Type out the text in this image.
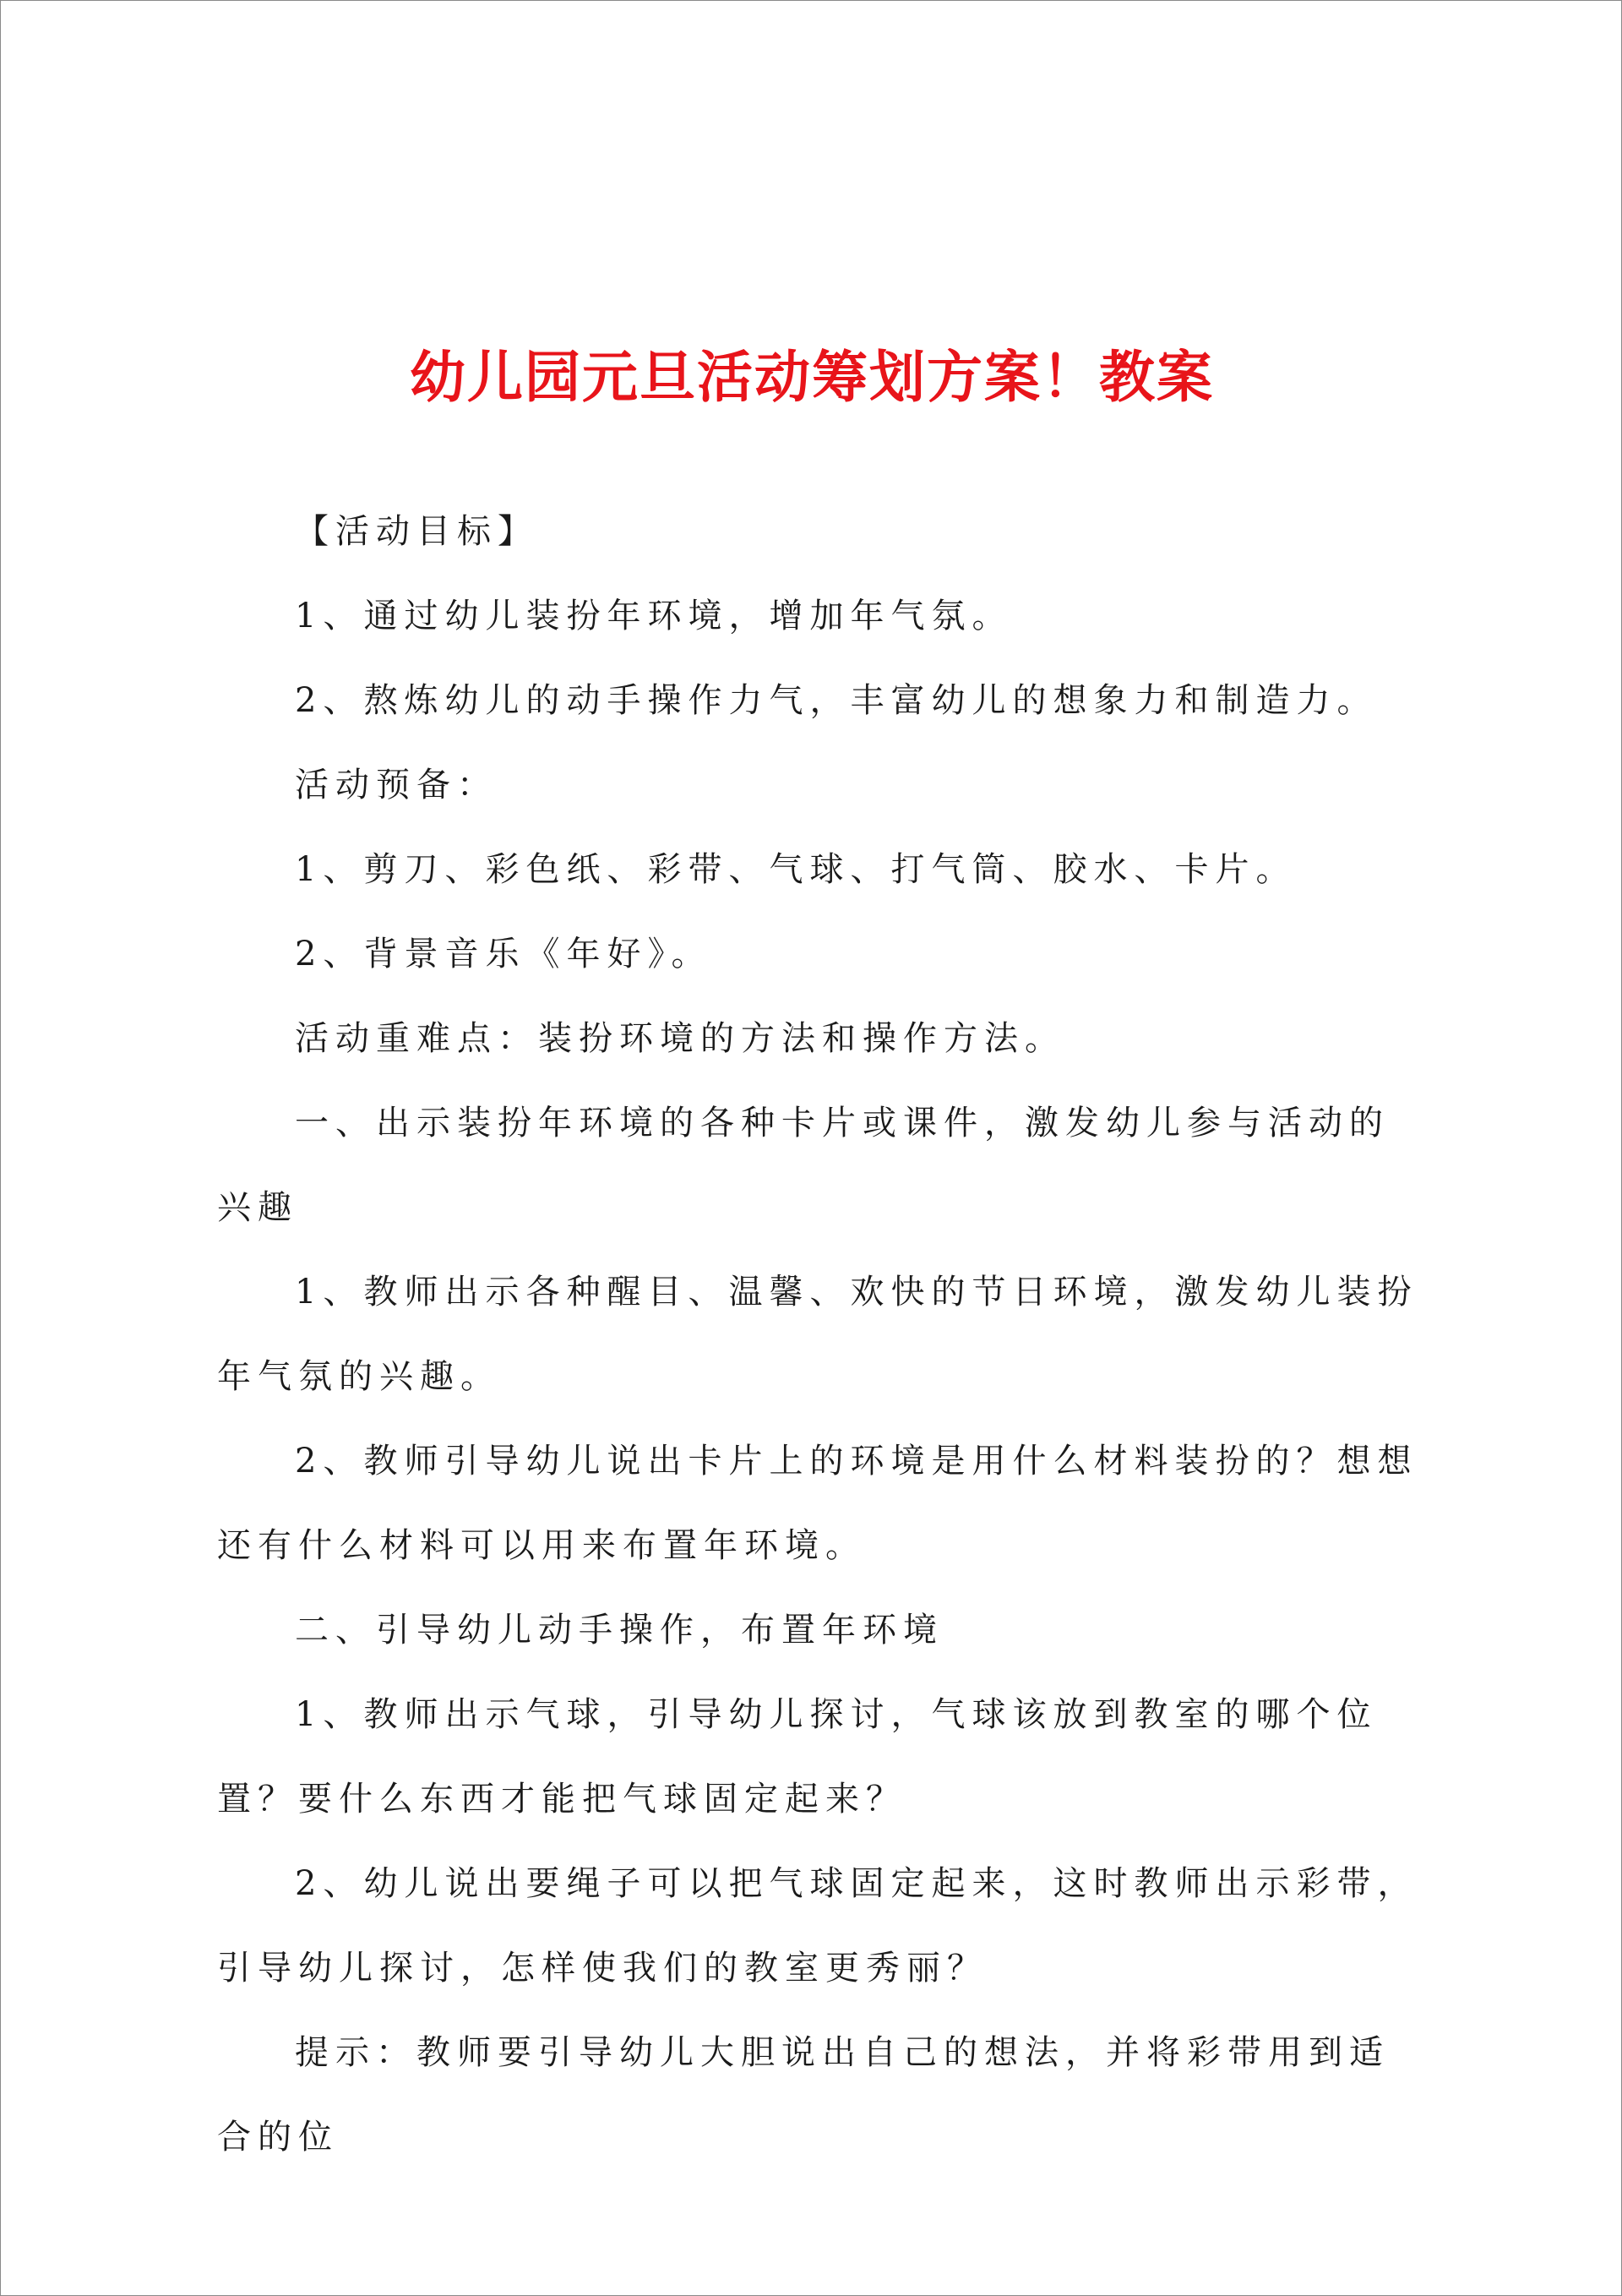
幼儿园元旦活动筹划方案！教案

【活动目标】

1、通过幼儿装扮年环境，增加年气氛。

2、熬炼幼儿的动手操作力气，丰富幼儿的想象力和制造力。

活动预备：

1、剪刀、彩色纸、彩带、气球、打气筒、胶水、卡片。

2、背景音乐《年好》。

活动重难点：装扮环境的方法和操作方法。

一、出示装扮年环境的各种卡片或课件，激发幼儿参与活动的兴趣

1、教师出示各种醒目、温馨、欢快的节日环境，激发幼儿装扮年气氛的兴趣。

2、教师引导幼儿说出卡片上的环境是用什么材料装扮的？想想还有什么材料可以用来布置年环境。

二、引导幼儿动手操作，布置年环境

1、教师出示气球，引导幼儿探讨，气球该放到教室的哪个位置？要什么东西才能把气球固定起来？

2、幼儿说出要绳子可以把气球固定起来，这时教师出示彩带，引导幼儿探讨，怎样使我们的教室更秀丽？

提示：教师要引导幼儿大胆说出自己的想法，并将彩带用到适合的位
